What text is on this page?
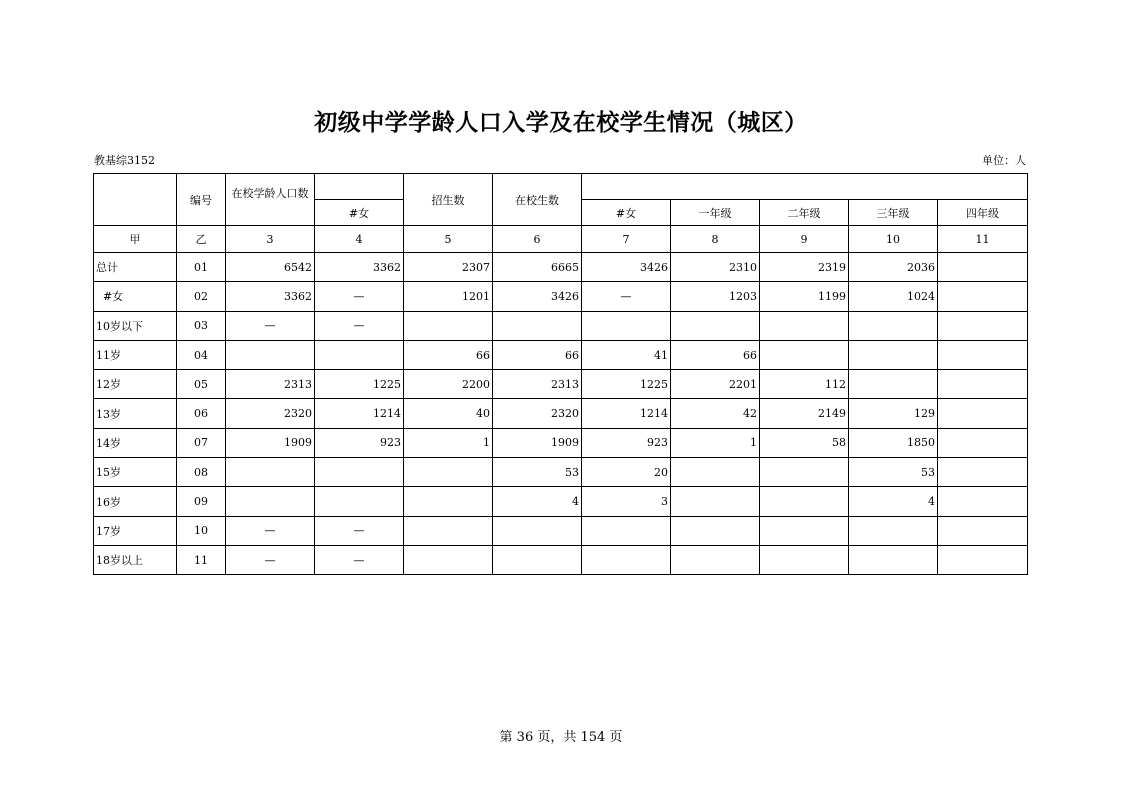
初级中学学龄人口入学及在校学生情况（城区）
教基综3152	单位：人
	编号	在校学龄人口数		招生数	在校生数					
			#女			#女	一年级	二年级	三年级	四年级
甲	乙	3	4	5	6	7	8	9	10	11
总计	01	6542	3362	2307	6665	3426	2310	2319	2036	
#女	02	3362	—	1201	3426	—	1203	1199	1024	
10岁以下	03	—	—							
11岁	04			66	66	41	66			
12岁	05	2313	1225	2200	2313	1225	2201	112		
13岁	06	2320	1214	40	2320	1214	42	2149	129	
14岁	07	1909	923	1	1909	923	1	58	1850	
15岁	08				53	20			53	
16岁	09				4	3			4	
17岁	10	—	—							
18岁以上	11	—	—							
第 36 页，共 154 页
